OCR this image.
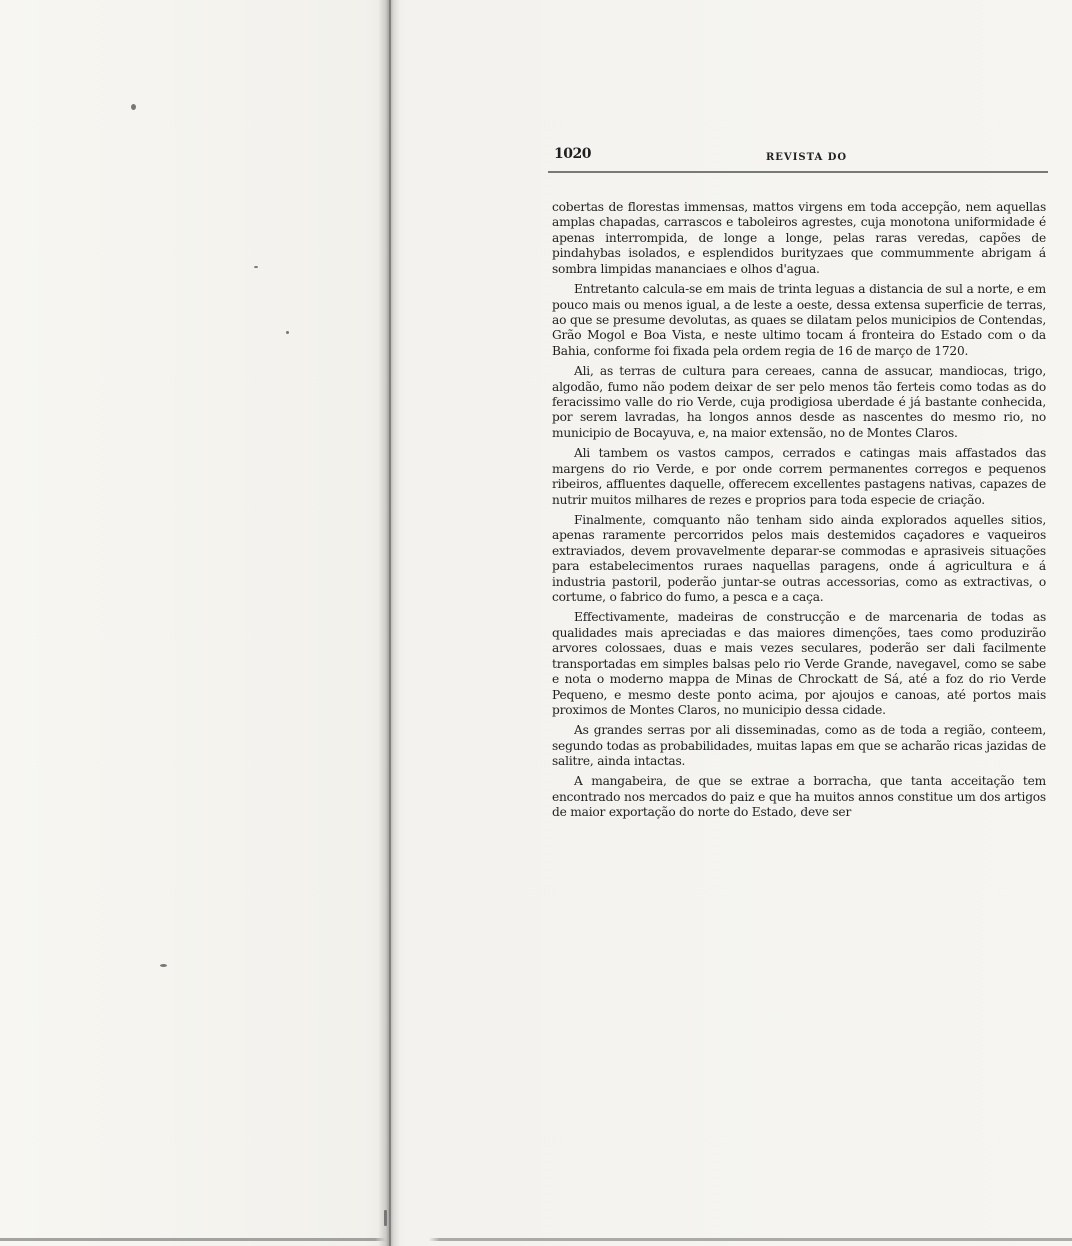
1020	REVISTA DO

cobertas de florestas immensas, mattos virgens em toda accepção, nem aquellas amplas chapadas, carrascos e taboleiros agrestes, cuja monotona uniformidade é apenas interrompida, de longe a longe, pelas raras veredas, capões de pindahybas isolados, e esplendidos burityzaes que commummente abrigam á sombra limpidas mananciaes e olhos d'agua.

Entretanto calcula-se em mais de trinta leguas a distancia de sul a norte, e em pouco mais ou menos igual, a de leste a oeste, dessa extensa superficie de terras, ao que se presume devolutas, as quaes se dilatam pelos municipios de Contendas, Grão Mogol e Boa Vista, e neste ultimo tocam á fronteira do Estado com o da Bahia, conforme foi fixada pela ordem regia de 16 de março de 1720.

Ali, as terras de cultura para cereaes, canna de assucar, mandiocas, trigo, algodão, fumo não podem deixar de ser pelo menos tão ferteis como todas as do feracissimo valle do rio Verde, cuja prodigiosa uberdade é já bastante conhecida, por serem lavradas, ha longos annos desde as nascentes do mesmo rio, no municipio de Bocayuva, e, na maior extensão, no de Montes Claros.

Ali tambem os vastos campos, cerrados e catingas mais affastados das margens do rio Verde, e por onde correm permanentes corregos e pequenos ribeiros, affluentes daquelle, offerecem excellentes pastagens nativas, capazes de nutrir muitos milhares de rezes e proprios para toda especie de criação.

Finalmente, comquanto não tenham sido ainda explorados aquelles sitios, apenas raramente percorridos pelos mais destemidos caçadores e vaqueiros extraviados, devem provavelmente deparar-se commodas e aprasiveis situações para estabelecimentos ruraes naquellas paragens, onde á agricultura e á industria pastoril, poderão juntar-se outras accessorias, como as extractivas, o cortume, o fabrico do fumo, a pesca e a caça.

Effectivamente, madeiras de construcção e de marcenaria de todas as qualidades mais apreciadas e das maiores dimenções, taes como produzirão arvores colossaes, duas e mais vezes seculares, poderão ser dali facilmente transportadas em simples balsas pelo rio Verde Grande, navegavel, como se sabe e nota o moderno mappa de Minas de Chrockatt de Sá, até a foz do rio Verde Pequeno, e mesmo deste ponto acima, por ajoujos e canoas, até portos mais proximos de Montes Claros, no municipio dessa cidade.

As grandes serras por ali disseminadas, como as de toda a região, conteem, segundo todas as probabilidades, muitas lapas em que se acharão ricas jazidas de salitre, ainda intactas.

A mangabeira, de que se extrae a borracha, que tanta acceitação tem encontrado nos mercados do paiz e que ha muitos annos constitue um dos artigos de maior exportação do norte do Estado, deve ser
